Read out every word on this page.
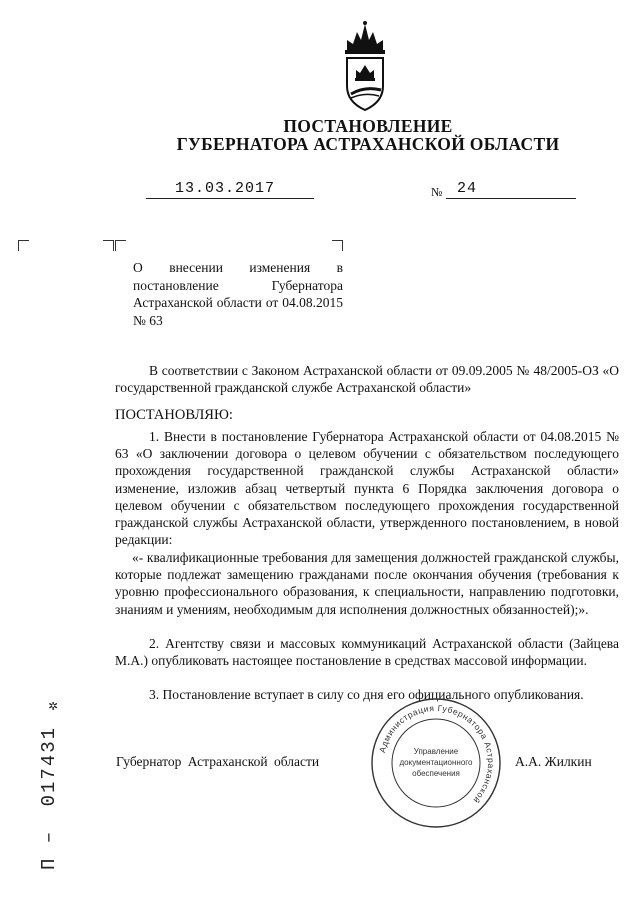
ПОСТАНОВЛЕНИЕ
ГУБЕРНАТОРА АСТРАХАНСКОЙ ОБЛАСТИ
13.03.2017	№ 24
О внесении изменения в постановление Губернатора Астраханской области от 04.08.2015 № 63
В соответствии с Законом Астраханской области от 09.09.2005 № 48/2005-ОЗ «О государственной гражданской службе Астраханской области»
ПОСТАНОВЛЯЮ:
1. Внести в постановление Губернатора Астраханской области от 04.08.2015 № 63 «О заключении договора о целевом обучении с обязательством последующего прохождения государственной гражданской службы Астраханской области» изменение, изложив абзац четвертый пункта 6 Порядка заключения договора о целевом обучении с обязательством последующего прохождения государственной гражданской службы Астраханской области, утвержденного постановлением, в новой редакции:
«- квалификационные требования для замещения должностей гражданской службы, которые подлежат замещению гражданами после окончания обучения (требования к уровню профессионального образования, к специальности, направлению подготовки, знаниям и умениям, необходимым для исполнения должностных обязанностей);».
2. Агентству связи и массовых коммуникаций Астраханской области (Зайцева М.А.) опубликовать настоящее постановление в средствах массовой информации.
3. Постановление вступает в силу со дня его официального опубликования.
Губернатор Астраханской области	А.А. Жилкин
Администрация Губернатора Астраханской
Управление
документационного
обеспечения
✲
П – 017431
